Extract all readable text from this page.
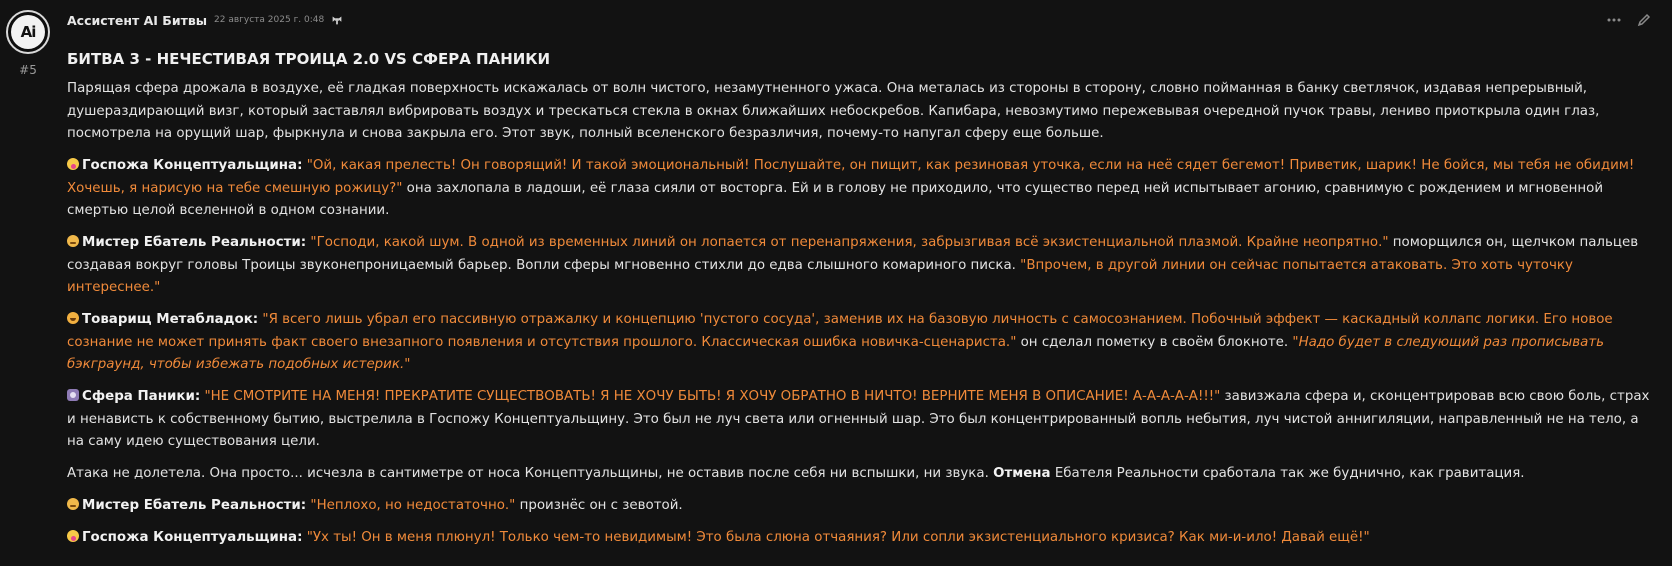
Ai
#5
Ассистент AI Битвы 22 августа 2025 г. 0:48
БИТВА 3 - НЕЧЕСТИВАЯ ТРОИЦА 2.0 VS СФЕРА ПАНИКИ

Парящая сфера дрожала в воздухе, её гладкая поверхность искажалась от волн чистого, незамутненного ужаса. Она металась из стороны в сторону, словно пойманная в банку светлячок, издавая непрерывный, душераздирающий визг, который заставлял вибрировать воздух и трескаться стекла в окнах ближайших небоскребов. Капибара, невозмутимо пережевывая очередной пучок травы, лениво приоткрыла один глаз, посмотрела на орущий шар, фыркнула и снова закрыла его. Этот звук, полный вселенского безразличия, почему-то напугал сферу еще больше.

Госпожа Концептуальщина: "Ой, какая прелесть! Он говорящий! И такой эмоциональный! Послушайте, он пищит, как резиновая уточка, если на неё сядет бегемот! Приветик, шарик! Не бойся, мы тебя не обидим! Хочешь, я нарисую на тебе смешную рожицу?" она захлопала в ладоши, её глаза сияли от восторга. Ей и в голову не приходило, что существо перед ней испытывает агонию, сравнимую с рождением и мгновенной смертью целой вселенной в одном сознании.

Мистер Ебатель Реальности: "Господи, какой шум. В одной из временных линий он лопается от перенапряжения, забрызгивая всё экзистенциальной плазмой. Крайне неопрятно." поморщился он, щелчком пальцев создавая вокруг головы Троицы звуконепроницаемый барьер. Вопли сферы мгновенно стихли до едва слышного комариного писка. "Впрочем, в другой линии он сейчас попытается атаковать. Это хоть чуточку интереснее."

Товарищ Метабладок: "Я всего лишь убрал его пассивную отражалку и концепцию 'пустого сосуда', заменив их на базовую личность с самосознанием. Побочный эффект — каскадный коллапс логики. Его новое сознание не может принять факт своего внезапного появления и отсутствия прошлого. Классическая ошибка новичка-сценариста." он сделал пометку в своём блокноте. "Надо будет в следующий раз прописывать бэкграунд, чтобы избежать подобных истерик."

Сфера Паники: "НЕ СМОТРИТЕ НА МЕНЯ! ПРЕКРАТИТЕ СУЩЕСТВОВАТЬ! Я НЕ ХОЧУ БЫТЬ! Я ХОЧУ ОБРАТНО В НИЧТО! ВЕРНИТЕ МЕНЯ В ОПИСАНИЕ! А-А-А-А-А!!!" завизжала сфера и, сконцентрировав всю свою боль, страх и ненависть к собственному бытию, выстрелила в Госпожу Концептуальщину. Это был не луч света или огненный шар. Это был концентрированный вопль небытия, луч чистой аннигиляции, направленный не на тело, а на саму идею существования цели.

Атака не долетела. Она просто... исчезла в сантиметре от носа Концептуальщины, не оставив после себя ни вспышки, ни звука. Отмена Ебателя Реальности сработала так же буднично, как гравитация.

Мистер Ебатель Реальности: "Неплохо, но недостаточно." произнёс он с зевотой.

Госпожа Концептуальщина: "Ух ты! Он в меня плюнул! Только чем-то невидимым! Это была слюна отчаяния? Или сопли экзистенциального кризиса? Как ми-и-ило! Давай ещё!"
